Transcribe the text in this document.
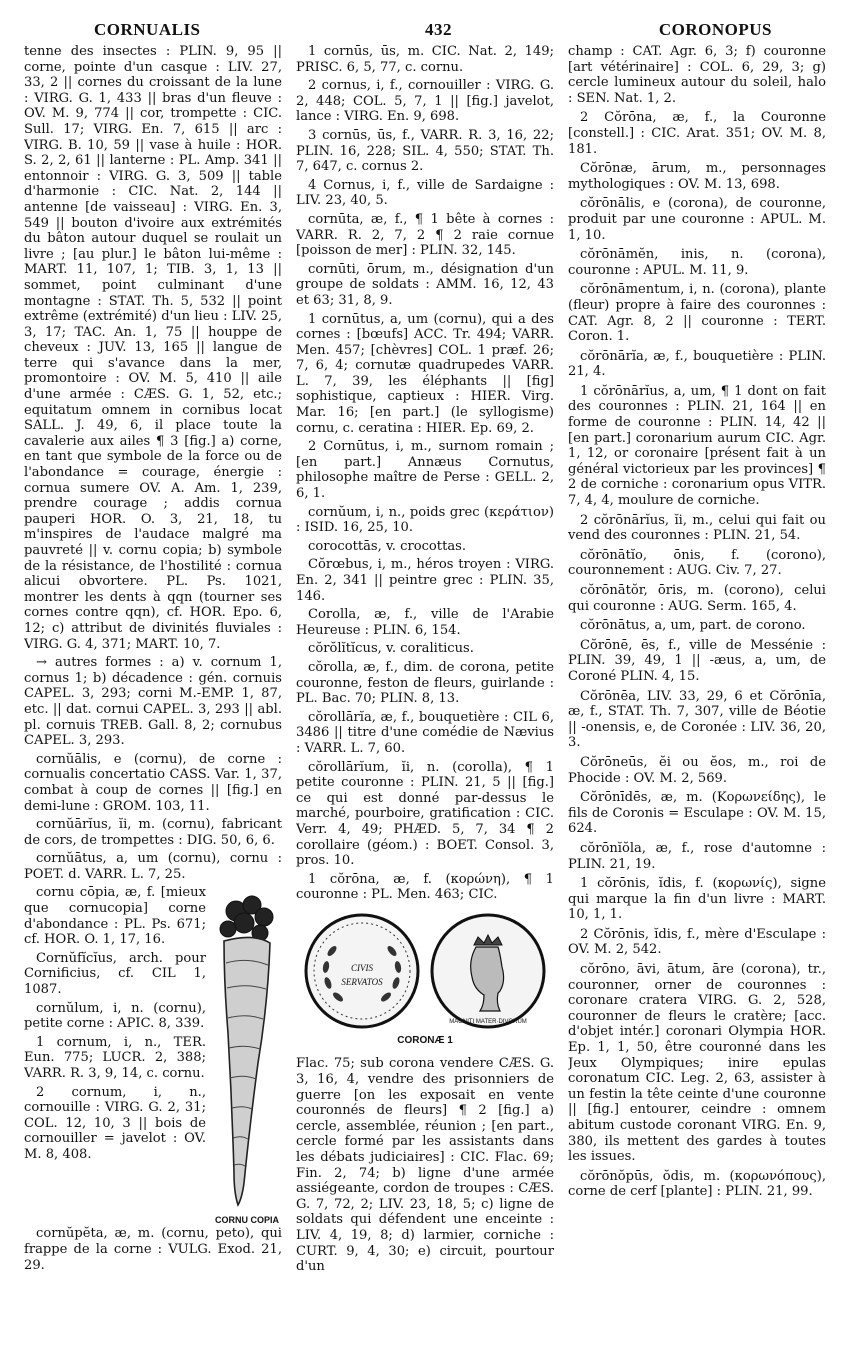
CORNUALIS	432	CORONOPUS

tenne des insectes : PLIN. 9, 95 || corne, pointe d'un casque : LIV. 27, 33, 2 || cornes du croissant de la lune : VIRG. G. 1, 433 || bras d'un fleuve : OV. M. 9, 774 || cor, trompette : CIC. Sull. 17; VIRG. En. 7, 615 || arc : VIRG. B. 10, 59 || vase à huile : HOR. S. 2, 2, 61 || lanterne : PL. Amp. 341 || entonnoir : VIRG. G. 3, 509 || table d'harmonie : CIC. Nat. 2, 144 || antenne [de vaisseau] : VIRG. En. 3, 549 || bouton d'ivoire aux extrémités du bâton autour duquel se roulait un livre ; [au plur.] le bâton lui-même : MART. 11, 107, 1; TIB. 3, 1, 13 || sommet, point culminant d'une montagne : STAT. Th. 5, 532 || point extrême (extrémité) d'un lieu : LIV. 25, 3, 17; TAC. An. 1, 75 || houppe de cheveux : JUV. 13, 165 || langue de terre qui s'avance dans la mer, promontoire : OV. M. 5, 410 || aile d'une armée : CÆS. G. 1, 52, etc.; equitatum omnem in cornibus locat SALL. J. 49, 6, il place toute la cavalerie aux ailes ¶ 3 [fig.] a) corne, en tant que symbole de la force ou de l'abondance = courage, énergie : cornua sumere OV. A. Am. 1, 239, prendre courage ; addis cornua pauperi HOR. O. 3, 21, 18, tu m'inspires de l'audace malgré ma pauvreté || v. cornu copia; b) symbole de la résistance, de l'hostilité : cornua alicui obvortere. PL. Ps. 1021, montrer les dents à qqn (tourner ses cornes contre qqn), cf. HOR. Epo. 6, 12; c) attribut de divinités fluviales : VIRG. G. 4, 371; MART. 10, 7.

→ autres formes : a) v. cornum 1, cornus 1; b) décadence : gén. cornuis CAPEL. 3, 293; corni M.-EMP. 1, 87, etc. || dat. cornui CAPEL. 3, 293 || abl. pl. cornuis TREB. Gall. 8, 2; cornubus CAPEL. 3, 293.

cornŭālis, e (cornu), de corne : cornualis concertatio CASS. Var. 1, 37, combat à coup de cornes || [fig.] en demi-lune : GROM. 103, 11.

cornŭārĭus, ĭi, m. (cornu), fabricant de cors, de trompettes : DIG. 50, 6, 6.

cornŭātus, a, um (cornu), cornu : POET. d. VARR. L. 7, 25.

cornu cōpia, æ, f. [mieux que cornucopia] corne d'abondance : PL. Ps. 671; cf. HOR. O. 1, 17, 16.

Cornŭfĭcĭus, arch. pour Cornificius, cf. CIL 1, 1087.

cornŭlum, i, n. (cornu), petite corne : APIC. 8, 339.

1 cornum, i, n., TER. Eun. 775; LUCR. 2, 388; VARR. R. 3, 9, 14, c. cornu.

2 cornum, i, n., cornouille : VIRG. G. 2, 31; COL. 12, 10, 3 || bois de cornouiller = javelot : OV. M. 8, 408.

CORNU COPIA

cornŭpĕta, æ, m. (cornu, peto), qui frappe de la corne : VULG. Exod. 21, 29.

1 cornūs, ūs, m. CIC. Nat. 2, 149; PRISC. 6, 5, 77, c. cornu.

2 cornus, i, f., cornouiller : VIRG. G. 2, 448; COL. 5, 7, 1 || [fig.] javelot, lance : VIRG. En. 9, 698.

3 cornūs, ūs, f., VARR. R. 3, 16, 22; PLIN. 16, 228; SIL. 4, 550; STAT. Th. 7, 647, c. cornus 2.

4 Cornus, i, f., ville de Sardaigne : LIV. 23, 40, 5.

cornūta, æ, f., ¶ 1 bête à cornes : VARR. R. 2, 7, 2 ¶ 2 raie cornue [poisson de mer] : PLIN. 32, 145.

cornūti, ōrum, m., désignation d'un groupe de soldats : AMM. 16, 12, 43 et 63; 31, 8, 9.

1 cornūtus, a, um (cornu), qui a des cornes : [bœufs] ACC. Tr. 494; VARR. Men. 457; [chèvres] COL. 1 præf. 26; 7, 6, 4; cornutæ quadrupedes VARR. L. 7, 39, les éléphants || [fig] sophistique, captieux : HIER. Virg. Mar. 16; [en part.] (le syllogisme) cornu, c. ceratina : HIER. Ep. 69, 2.

2 Cornūtus, i, m., surnom romain ; [en part.] Annæus Cornutus, philosophe maître de Perse : GELL. 2, 6, 1.

cornŭum, i, n., poids grec (κεράτιον) : ISID. 16, 25, 10.

corocottās, v. crocottas.

Cŏrœbus, i, m., héros troyen : VIRG. En. 2, 341 || peintre grec : PLIN. 35, 146.

Corolla, æ, f., ville de l'Arabie Heureuse : PLIN. 6, 154.

cŏrŏlĭtĭcus, v. coraliticus.

cŏrolla, æ, f., dim. de corona, petite couronne, feston de fleurs, guirlande : PL. Bac. 70; PLIN. 8, 13.

cŏrollārĭa, æ, f., bouquetière : CIL 6, 3486 || titre d'une comédie de Nævius : VARR. L. 7, 60.

cŏrollārĭum, ĭi, n. (corolla), ¶ 1 petite couronne : PLIN. 21, 5 || [fig.] ce qui est donné par-dessus le marché, pourboire, gratification : CIC. Verr. 4, 49; PHÆD. 5, 7, 34 ¶ 2 corollaire (géom.) : BOET. Consol. 3, pros. 10.

1 cŏrōna, æ, f. (κορώνη), ¶ 1 couronne : PL. Men. 463; CIC.

CIVIS SERVATOS
MAGNITI MATER·DIVORUM
CORONÆ 1

Flac. 75; sub corona vendere CÆS. G. 3, 16, 4, vendre des prisonniers de guerre [on les exposait en vente couronnés de fleurs] ¶ 2 [fig.] a) cercle, assemblée, réunion ; [en part., cercle formé par les assistants dans les débats judiciaires] : CIC. Flac. 69; Fin. 2, 74; b) ligne d'une armée assiégeante, cordon de troupes : CÆS. G. 7, 72, 2; LIV. 23, 18, 5; c) ligne de soldats qui défendent une enceinte : LIV. 4, 19, 8; d) larmier, corniche : CURT. 9, 4, 30; e) circuit, pourtour d'un

champ : CAT. Agr. 6, 3; f) couronne [art vétérinaire] : COL. 6, 29, 3; g) cercle lumineux autour du soleil, halo : SEN. Nat. 1, 2.

2 Cŏrōna, æ, f., la Couronne [constell.] : CIC. Arat. 351; OV. M. 8, 181.

Cŏrōnæ, ārum, m., personnages mythologiques : OV. M. 13, 698.

cŏrōnālis, e (corona), de couronne, produit par une couronne : APUL. M. 1, 10.

cŏrōnāmĕn, inis, n. (corona), couronne : APUL. M. 11, 9.

cŏrōnāmentum, i, n. (corona), plante (fleur) propre à faire des couronnes : CAT. Agr. 8, 2 || couronne : TERT. Coron. 1.

cŏrōnārĭa, æ, f., bouquetière : PLIN. 21, 4.

1 cŏrōnārĭus, a, um, ¶ 1 dont on fait des couronnes : PLIN. 21, 164 || en forme de couronne : PLIN. 14, 42 || [en part.] coronarium aurum CIC. Agr. 1, 12, or coronaire [présent fait à un général victorieux par les provinces] ¶ 2 de corniche : coronarium opus VITR. 7, 4, 4, moulure de corniche.

2 cŏrōnārĭus, ĭi, m., celui qui fait ou vend des couronnes : PLIN. 21, 54.

cŏrōnātĭo, ōnis, f. (corono), couronnement : AUG. Civ. 7, 27.

cŏrōnātŏr, ōris, m. (corono), celui qui couronne : AUG. Serm. 165, 4.

cŏrōnātus, a, um, part. de corono.

Cŏrōnē, ēs, f., ville de Messénie : PLIN. 39, 49, 1 || -æus, a, um, de Coroné PLIN. 4, 15.

Cŏrōnēa, LIV. 33, 29, 6 et Cŏrōnīa, æ, f., STAT. Th. 7, 307, ville de Béotie || -onensis, e, de Coronée : LIV. 36, 20, 3.

Cŏrōneūs, ĕi ou ĕos, m., roi de Phocide : OV. M. 2, 569.

Cŏrōnīdēs, æ, m. (Κορωνείδης), le fils de Coronis = Esculape : OV. M. 15, 624.

cŏrōnĭŏla, æ, f., rose d'automne : PLIN. 21, 19.

1 cŏrōnis, ĭdis, f. (κορωνίς), signe qui marque la fin d'un livre : MART. 10, 1, 1.

2 Cŏrōnis, ĭdis, f., mère d'Esculape : OV. M. 2, 542.

cŏrōno, āvi, ātum, āre (corona), tr., couronner, orner de couronnes : coronare cratera VIRG. G. 2, 528, couronner de fleurs le cratère; [acc. d'objet intér.] coronari Olympia HOR. Ep. 1, 1, 50, être couronné dans les Jeux Olympiques; inire epulas coronatum CIC. Leg. 2, 63, assister à un festin la tête ceinte d'une couronne || [fig.] entourer, ceindre : omnem abitum custode coronant VIRG. En. 9, 380, ils mettent des gardes à toutes les issues.

cŏrōnŏpūs, ŏdis, m. (κορωνόπους), corne de cerf [plante] : PLIN. 21, 99.
